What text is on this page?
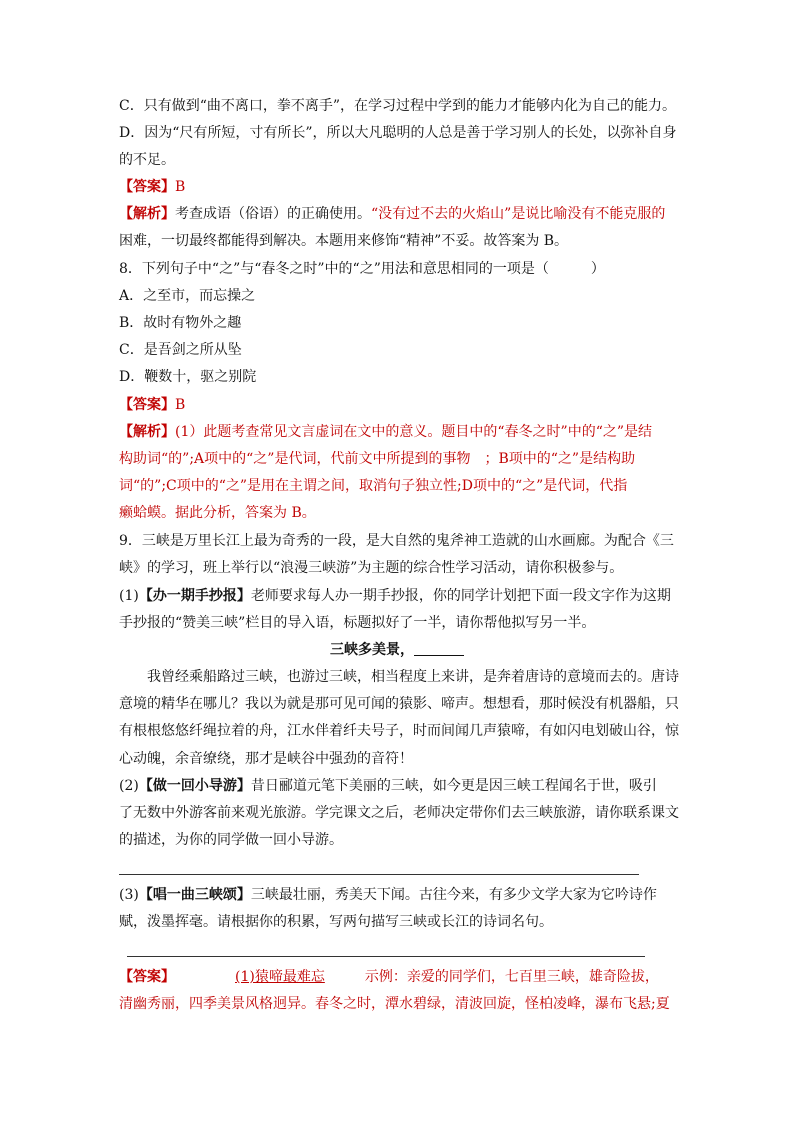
C．只有做到“曲不离口，拳不离手”，在学习过程中学到的能力才能够内化为自己的能力。
D．因为“尺有所短，寸有所长”，所以大凡聪明的人总是善于学习别人的长处，以弥补自身
的不足。
【答案】B
【解析】考查成语（俗语）的正确使用。“没有过不去的火焰山”是说比喻没有不能克服的
困难，一切最终都能得到解决。本题用来修饰“精神”不妥。故答案为 B。
8．下列句子中“之”与“春冬之时”中的“之”用法和意思相同的一项是（　　　）
A．之至市，而忘操之
B．故时有物外之趣
C．是吾剑之所从坠
D．鞭数十，驱之别院
【答案】B
【解析】(1）此题考查常见文言虚词在文中的意义。题目中的“春冬之时”中的“之”是结
构助词“的”;A项中的“之”是代词，代前文中所提到的事物 ；B项中的“之”是结构助
词“的”;C项中的“之”是用在主谓之间，取消句子独立性;D项中的“之”是代词，代指
癞蛤蟆。据此分析，答案为 B。
9．三峡是万里长江上最为奇秀的一段，是大自然的鬼斧神工造就的山水画廊。为配合《三
峡》的学习，班上举行以“浪漫三峡游”为主题的综合性学习活动，请你积极参与。
(1)【办一期手抄报】老师要求每人办一期手抄报，你的同学计划把下面一段文字作为这期
手抄报的“赞美三峡”栏目的导入语，标题拟好了一半，请你帮他拟写另一半。
三峡多美景，
我曾经乘船路过三峡，也游过三峡，相当程度上来讲，是奔着唐诗的意境而去的。唐诗
意境的精华在哪儿？我以为就是那可见可闻的猿影、啼声。想想看，那时候没有机器船，只
有根根悠悠纤绳拉着的舟，江水伴着纤夫号子，时而间闻几声猿啼，有如闪电划破山谷，惊
心动魄，余音缭绕，那才是峡谷中强劲的音符！
(2)【做一回小导游】昔日郦道元笔下美丽的三峡，如今更是因三峡工程闻名于世，吸引
了无数中外游客前来观光旅游。学完课文之后，老师决定带你们去三峡旅游，请你联系课文
的描述，为你的同学做一回小导游。
(3)【唱一曲三峡颂】三峡最壮丽，秀美天下闻。古往今来，有多少文学大家为它吟诗作
赋，泼墨挥毫。请根据你的积累，写两句描写三峡或长江的诗词名句。
【答案】	(1)猿啼最难忘	示例：亲爱的同学们，七百里三峡，雄奇险拔，
清幽秀丽，四季美景风格迥异。春冬之时，潭水碧绿，清波回旋，怪柏凌峰，瀑布飞悬;夏
